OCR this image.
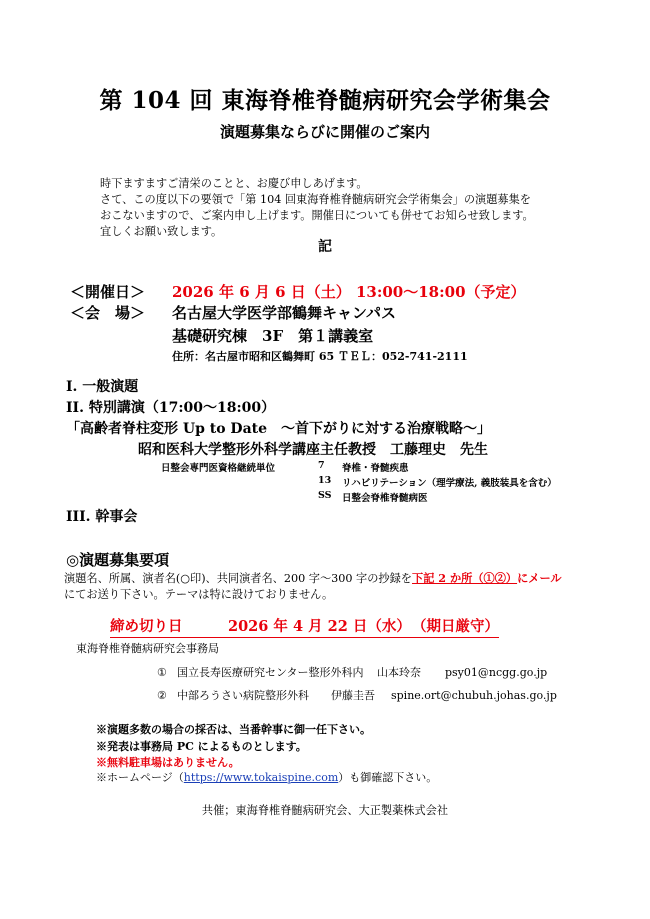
第 104 回 東海脊椎脊髄病研究会学術集会
演題募集ならびに開催のご案内
時下ますますご清栄のことと、お慶び申しあげます。
さて、この度以下の要領で「第 104 回東海脊椎脊髄病研究会学術集会」の演題募集を
おこないますので、ご案内申し上げます。開催日についても併せてお知らせ致します。
宜しくお願い致します。
記
＜開催日＞ 2026 年 6 月 6 日（土） 13:00〜18:00（予定）
＜会　場＞ 名古屋大学医学部鶴舞キャンパス
基礎研究棟　3F　第１講義室
住所：名古屋市昭和区鶴舞町 65 ＴＥＬ：052-741-2111
I. 一般演題
II. 特別講演（17:00〜18:00）
「高齢者脊柱変形 Up to Date　〜首下がりに対する治療戦略〜」
昭和医科大学整形外科学講座主任教授　工藤理史　先生
日整会専門医資格継続単位	7 脊椎・脊髄疾患
13 リハビリテーション（理学療法, 義肢装具を含む）
SS 日整会脊椎脊髄病医
III. 幹事会
◎演題募集要項
演題名、所属、演者名(○印)、共同演者名、200 字〜300 字の抄録を下記 2 か所（①②）にメール
にてお送り下さい。テーマは特に設けておりません。
締め切り日	2026 年 4 月 22 日（水）（期日厳守）
東海脊椎脊髄病研究会事務局
① 国立長寿医療研究センター整形外科内 山本玲奈 psy01@ncgg.go.jp
② 中部ろうさい病院整形外科 伊藤圭吾 spine.ort@chubuh.johas.go.jp
※演題多数の場合の採否は、当番幹事に御一任下さい。
※発表は事務局 PC によるものとします。
※無料駐車場はありません。
※ホームページ（https://www.tokaispine.com）も御確認下さい。
共催；東海脊椎脊髄病研究会、大正製薬株式会社
